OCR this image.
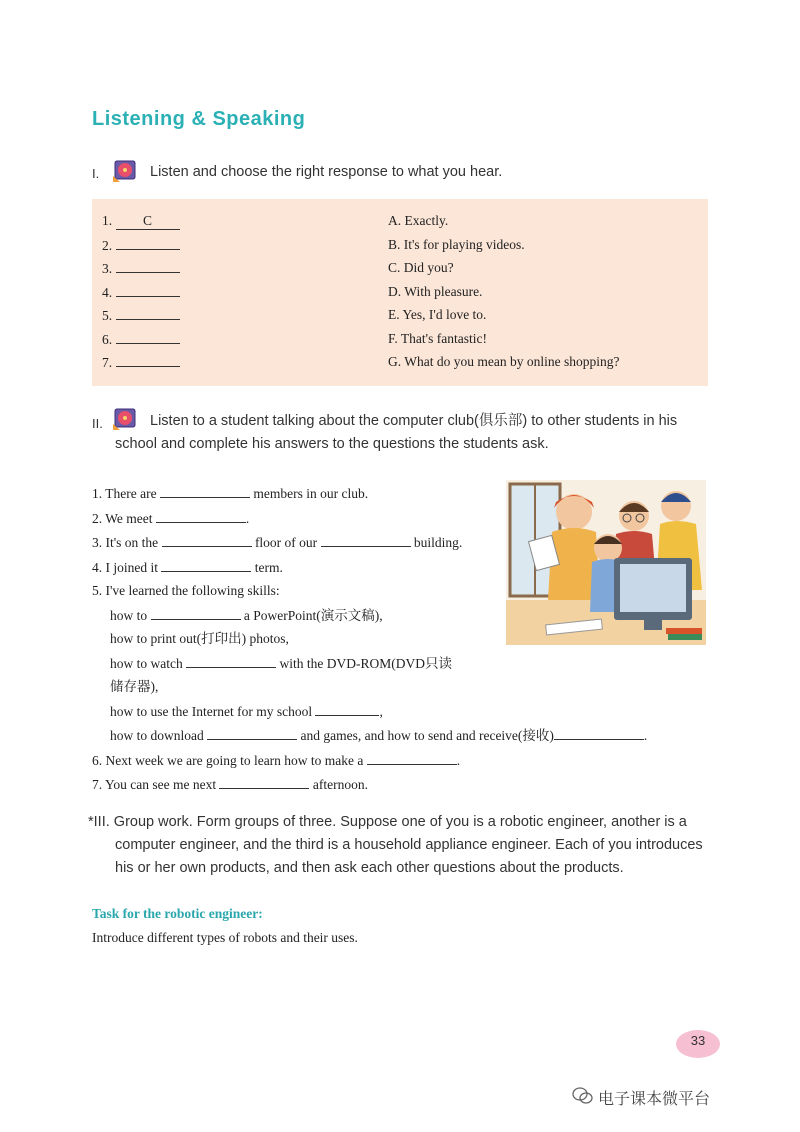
Listening & Speaking
I.	Listen and choose the right response to what you hear.
1. C
2.
3.
4.
5.
6.
7.
A. Exactly.
B. It's for playing videos.
C. Did you?
D. With pleasure.
E. Yes, I'd love to.
F. That's fantastic!
G. What do you mean by online shopping?
II.	Listen to a student talking about the computer club(俱乐部) to other students in his
school and complete his answers to the questions the students ask.
1. There are	members in our club.
2. We meet	.
3. It's on the	floor of our	building.
4. I joined it	term.
5. I've learned the following skills:
how to	a PowerPoint(演示文稿),
how to print out(打印出) photos,
how to watch	with the DVD-ROM(DVD只读
储存器),
how to use the Internet for my school	,
how to download	and games, and how to send and receive(接收)	.
6. Next week we are going to learn how to make a	.
7. You can see me next	afternoon.
*III. Group work. Form groups of three. Suppose one of you is a robotic engineer, another is a
computer engineer, and the third is a household appliance engineer. Each of you introduces
his or her own products, and then ask each other questions about the products.
Task for the robotic engineer:
Introduce different types of robots and their uses.
33
电子课本微平台
